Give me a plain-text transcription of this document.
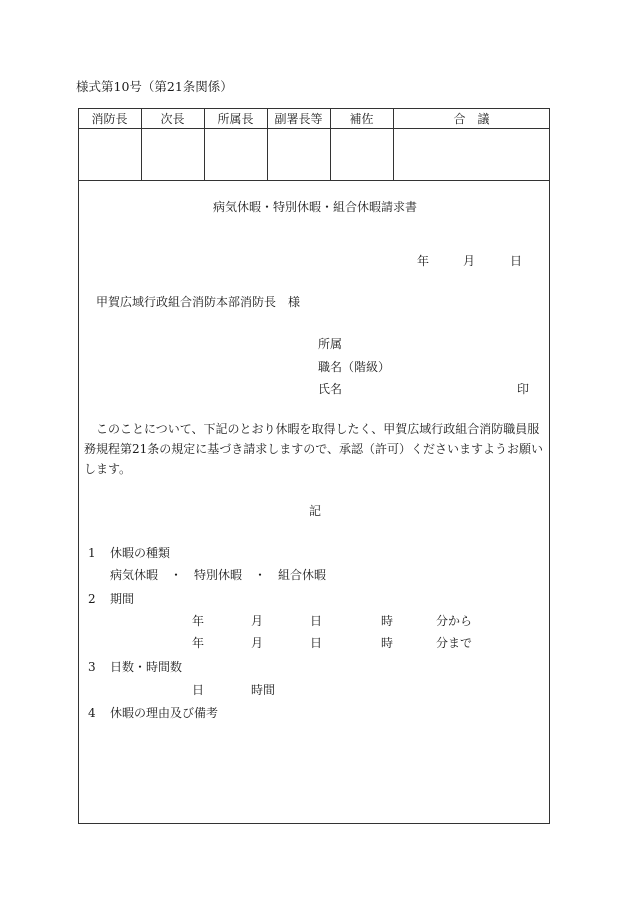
様式第10号（第21条関係）
消防長	次長	所属長	副署長等	補佐	合　議
病気休暇・特別休暇・組合休暇請求書
年	月	日
甲賀広域行政組合消防本部消防長　様
所属
職名（階級）
氏名	印
このことについて、下記のとおり休暇を取得したく、甲賀広域行政組合消防職員服務規程第21条の規定に基づき請求しますので、承認（許可）くださいますようお願いします。
記
1 休暇の種類
病気休暇　・　特別休暇　・　組合休暇
2 期間
年	月	日	時	分から
年	月	日	時	分まで
3 日数・時間数
日	時間
4 休暇の理由及び備考
